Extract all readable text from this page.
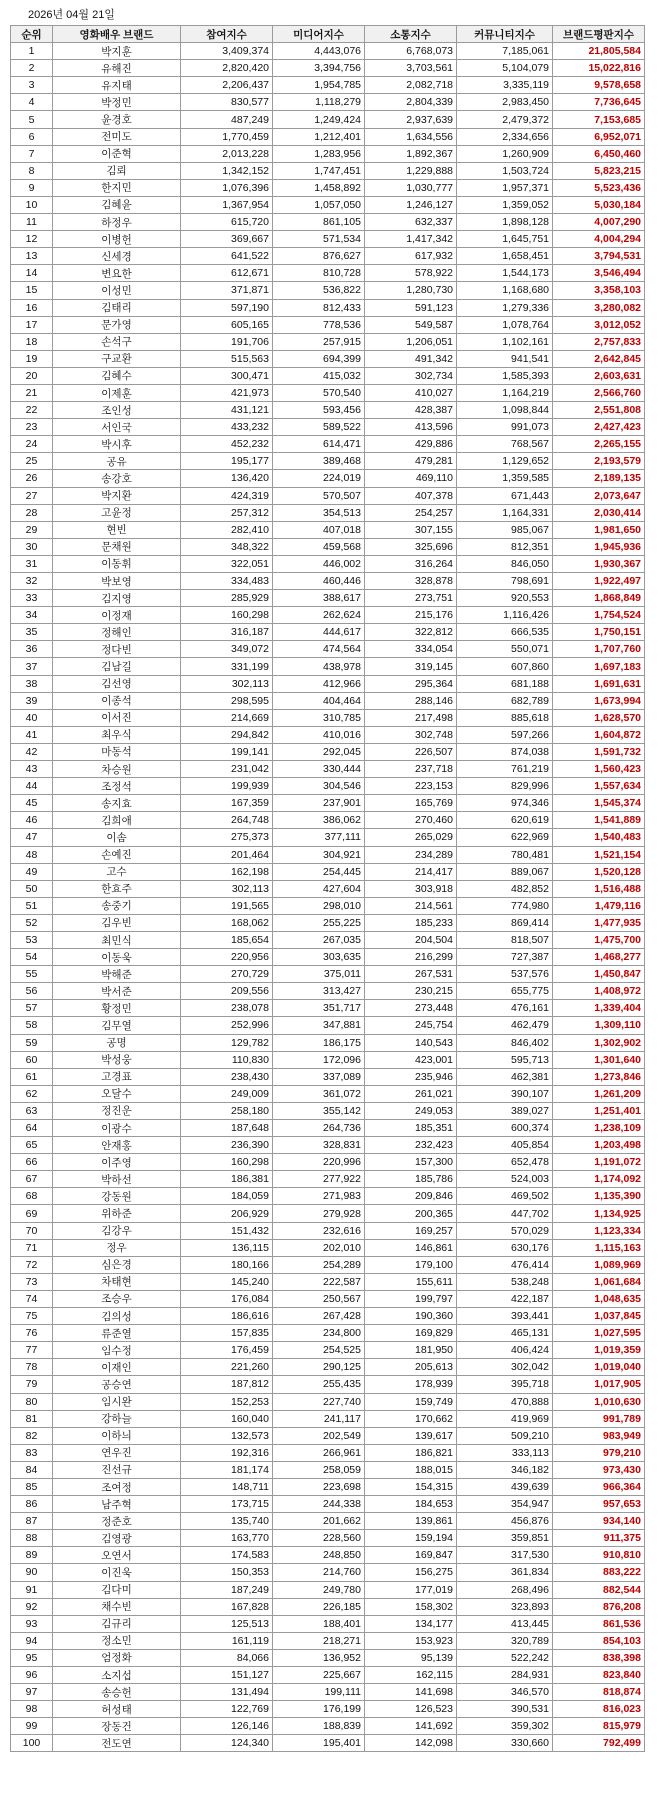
2026년 04월 21일
순위	영화배우 브랜드	참여지수	미디어지수	소통지수	커뮤니티지수	브랜드평판지수
1	박지훈	3,409,374	4,443,076	6,768,073	7,185,061	21,805,584
2	유해진	2,820,420	3,394,756	3,703,561	5,104,079	15,022,816
3	유지태	2,206,437	1,954,785	2,082,718	3,335,119	9,578,658
4	박정민	830,577	1,118,279	2,804,339	2,983,450	7,736,645
5	윤경호	487,249	1,249,424	2,937,639	2,479,372	7,153,685
6	전미도	1,770,459	1,212,401	1,634,556	2,334,656	6,952,071
7	이준혁	2,013,228	1,283,956	1,892,367	1,260,909	6,450,460
8	김뢰	1,342,152	1,747,451	1,229,888	1,503,724	5,823,215
9	한지민	1,076,396	1,458,892	1,030,777	1,957,371	5,523,436
10	김혜윤	1,367,954	1,057,050	1,246,127	1,359,052	5,030,184
11	하정우	615,720	861,105	632,337	1,898,128	4,007,290
12	이병헌	369,667	571,534	1,417,342	1,645,751	4,004,294
13	신세경	641,522	876,627	617,932	1,658,451	3,794,531
14	변요한	612,671	810,728	578,922	1,544,173	3,546,494
15	이성민	371,871	536,822	1,280,730	1,168,680	3,358,103
16	김태리	597,190	812,433	591,123	1,279,336	3,280,082
17	문가영	605,165	778,536	549,587	1,078,764	3,012,052
18	손석구	191,706	257,915	1,206,051	1,102,161	2,757,833
19	구교환	515,563	694,399	491,342	941,541	2,642,845
20	김혜수	300,471	415,032	302,734	1,585,393	2,603,631
21	이제훈	421,973	570,540	410,027	1,164,219	2,566,760
22	조인성	431,121	593,456	428,387	1,098,844	2,551,808
23	서인국	433,232	589,522	413,596	991,073	2,427,423
24	박시후	452,232	614,471	429,886	768,567	2,265,155
25	공유	195,177	389,468	479,281	1,129,652	2,193,579
26	송강호	136,420	224,019	469,110	1,359,585	2,189,135
27	박지환	424,319	570,507	407,378	671,443	2,073,647
28	고윤정	257,312	354,513	254,257	1,164,331	2,030,414
29	현빈	282,410	407,018	307,155	985,067	1,981,650
30	문채원	348,322	459,568	325,696	812,351	1,945,936
31	이동휘	322,051	446,002	316,264	846,050	1,930,367
32	박보영	334,483	460,446	328,878	798,691	1,922,497
33	김지영	285,929	388,617	273,751	920,553	1,868,849
34	이정재	160,298	262,624	215,176	1,116,426	1,754,524
35	정해인	316,187	444,617	322,812	666,535	1,750,151
36	정다빈	349,072	474,564	334,054	550,071	1,707,760
37	김남길	331,199	438,978	319,145	607,860	1,697,183
38	김선영	302,113	412,966	295,364	681,188	1,691,631
39	이종석	298,595	404,464	288,146	682,789	1,673,994
40	이서진	214,669	310,785	217,498	885,618	1,628,570
41	최우식	294,842	410,016	302,748	597,266	1,604,872
42	마동석	199,141	292,045	226,507	874,038	1,591,732
43	차승원	231,042	330,444	237,718	761,219	1,560,423
44	조정석	199,939	304,546	223,153	829,996	1,557,634
45	송지효	167,359	237,901	165,769	974,346	1,545,374
46	김희애	264,748	386,062	270,460	620,619	1,541,889
47	이솜	275,373	377,111	265,029	622,969	1,540,483
48	손예진	201,464	304,921	234,289	780,481	1,521,154
49	고수	162,198	254,445	214,417	889,067	1,520,128
50	한효주	302,113	427,604	303,918	482,852	1,516,488
51	송중기	191,565	298,010	214,561	774,980	1,479,116
52	김우빈	168,062	255,225	185,233	869,414	1,477,935
53	최민식	185,654	267,035	204,504	818,507	1,475,700
54	이동욱	220,956	303,635	216,299	727,387	1,468,277
55	박해준	270,729	375,011	267,531	537,576	1,450,847
56	박서준	209,556	313,427	230,215	655,775	1,408,972
57	황정민	238,078	351,717	273,448	476,161	1,339,404
58	김무열	252,996	347,881	245,754	462,479	1,309,110
59	공명	129,782	186,175	140,543	846,402	1,302,902
60	박성웅	110,830	172,096	423,001	595,713	1,301,640
61	고경표	238,430	337,089	235,946	462,381	1,273,846
62	오달수	249,009	361,072	261,021	390,107	1,261,209
63	정진운	258,180	355,142	249,053	389,027	1,251,401
64	이광수	187,648	264,736	185,351	600,374	1,238,109
65	안재홍	236,390	328,831	232,423	405,854	1,203,498
66	이주영	160,298	220,996	157,300	652,478	1,191,072
67	박하선	186,381	277,922	185,786	524,003	1,174,092
68	강동원	184,059	271,983	209,846	469,502	1,135,390
69	위하준	206,929	279,928	200,365	447,702	1,134,925
70	김강우	151,432	232,616	169,257	570,029	1,123,334
71	정우	136,115	202,010	146,861	630,176	1,115,163
72	심은경	180,166	254,289	179,100	476,414	1,089,969
73	차태현	145,240	222,587	155,611	538,248	1,061,684
74	조승우	176,084	250,567	199,797	422,187	1,048,635
75	김의성	186,616	267,428	190,360	393,441	1,037,845
76	류준열	157,835	234,800	169,829	465,131	1,027,595
77	임수정	176,459	254,525	181,950	406,424	1,019,359
78	이재인	221,260	290,125	205,613	302,042	1,019,040
79	공승연	187,812	255,435	178,939	395,718	1,017,905
80	임시완	152,253	227,740	159,749	470,888	1,010,630
81	강하늘	160,040	241,117	170,662	419,969	991,789
82	이하늬	132,573	202,549	139,617	509,210	983,949
83	연우진	192,316	266,961	186,821	333,113	979,210
84	진선규	181,174	258,059	188,015	346,182	973,430
85	조여정	148,711	223,698	154,315	439,639	966,364
86	남주혁	173,715	244,338	184,653	354,947	957,653
87	정준호	135,740	201,662	139,861	456,876	934,140
88	김영광	163,770	228,560	159,194	359,851	911,375
89	오연서	174,583	248,850	169,847	317,530	910,810
90	이진욱	150,353	214,760	156,275	361,834	883,222
91	김다미	187,249	249,780	177,019	268,496	882,544
92	채수빈	167,828	226,185	158,302	323,893	876,208
93	김규리	125,513	188,401	134,177	413,445	861,536
94	정소민	161,119	218,271	153,923	320,789	854,103
95	엄정화	84,066	136,952	95,139	522,242	838,398
96	소지섭	151,127	225,667	162,115	284,931	823,840
97	송승헌	131,494	199,111	141,698	346,570	818,874
98	허성태	122,769	176,199	126,523	390,531	816,023
99	장동건	126,146	188,839	141,692	359,302	815,979
100	전도연	124,340	195,401	142,098	330,660	792,499
